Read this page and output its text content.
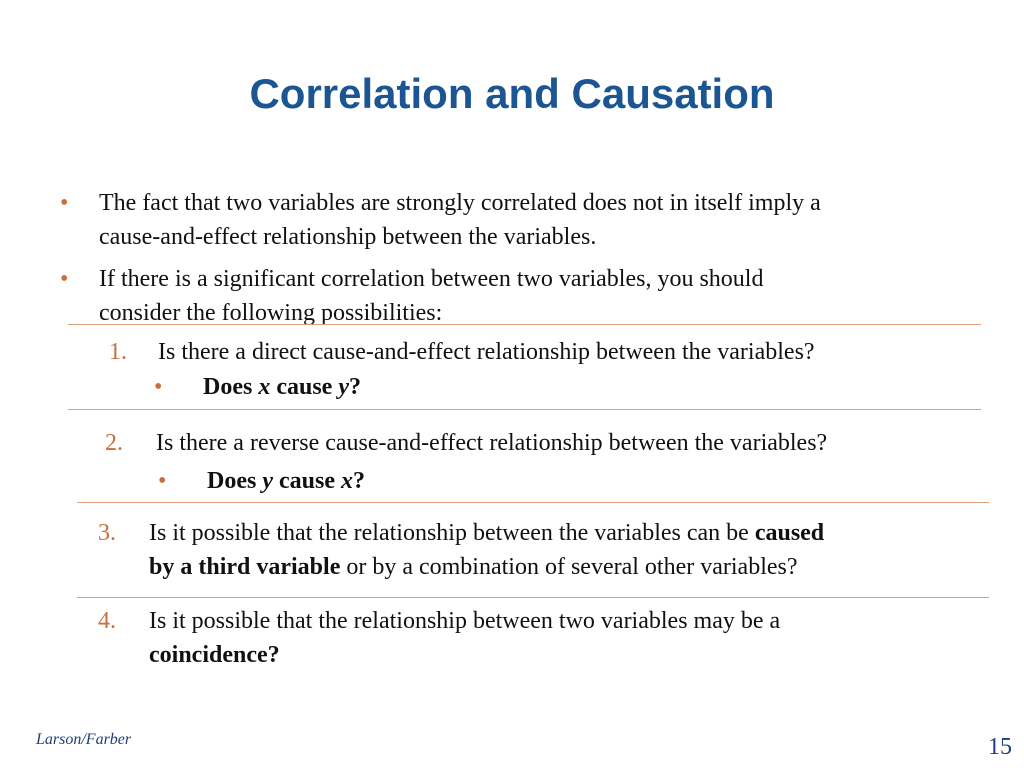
Correlation and Causation
• The fact that two variables are strongly correlated does not in itself imply a
cause-and-effect relationship between the variables.
• If there is a significant correlation between two variables, you should
consider the following possibilities:
1. Is there a direct cause-and-effect relationship between the variables?
• Does x cause y?
2. Is there a reverse cause-and-effect relationship between the variables?
• Does y cause x?
3. Is it possible that the relationship between the variables can be caused
by a third variable or by a combination of several other variables?
4. Is it possible that the relationship between two variables may be a
coincidence?
Larson/Farber	15
